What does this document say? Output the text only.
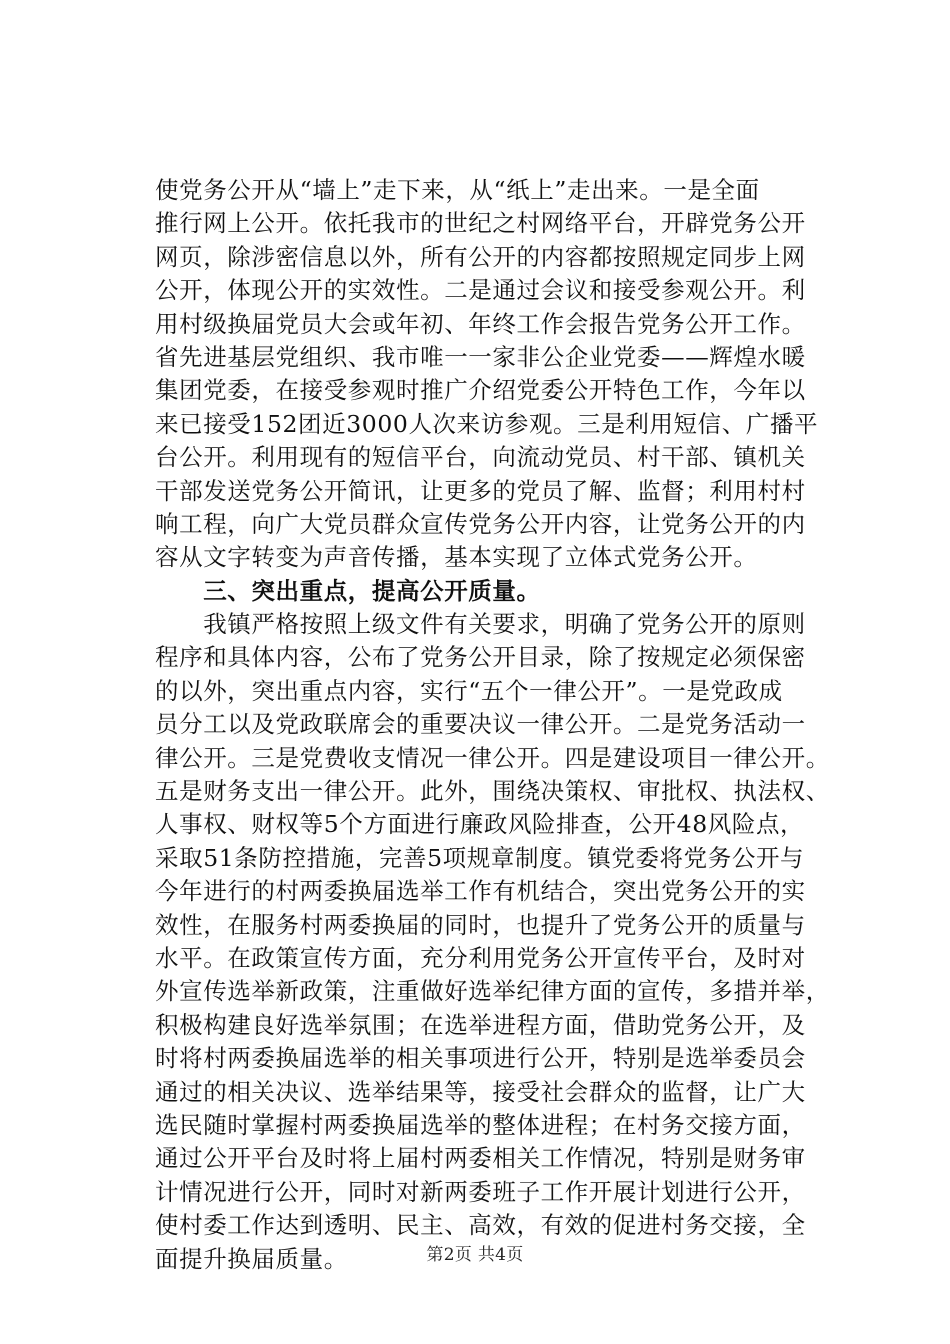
使党务公开从“墙上”走下来，从“纸上”走出来。一是全面
推行网上公开。依托我市的世纪之村网络平台，开辟党务公开
网页，除涉密信息以外，所有公开的内容都按照规定同步上网
公开，体现公开的实效性。二是通过会议和接受参观公开。利
用村级换届党员大会或年初、年终工作会报告党务公开工作。
省先进基层党组织、我市唯一一家非公企业党委——辉煌水暖
集团党委，在接受参观时推广介绍党委公开特色工作，今年以
来已接受152团近3000人次来访参观。三是利用短信、广播平
台公开。利用现有的短信平台，向流动党员、村干部、镇机关
干部发送党务公开简讯，让更多的党员了解、监督；利用村村
响工程，向广大党员群众宣传党务公开内容，让党务公开的内
容从文字转变为声音传播，基本实现了立体式党务公开。
　　三、突出重点，提高公开质量。
　　我镇严格按照上级文件有关要求，明确了党务公开的原则
程序和具体内容，公布了党务公开目录，除了按规定必须保密
的以外，突出重点内容，实行“五个一律公开”。一是党政成
员分工以及党政联席会的重要决议一律公开。二是党务活动一
律公开。三是党费收支情况一律公开。四是建设项目一律公开。
五是财务支出一律公开。此外，围绕决策权、审批权、执法权、
人事权、财权等5个方面进行廉政风险排查，公开48风险点，
采取51条防控措施，完善5项规章制度。镇党委将党务公开与
今年进行的村两委换届选举工作有机结合，突出党务公开的实
效性，在服务村两委换届的同时，也提升了党务公开的质量与
水平。在政策宣传方面，充分利用党务公开宣传平台，及时对
外宣传选举新政策，注重做好选举纪律方面的宣传，多措并举，
积极构建良好选举氛围；在选举进程方面，借助党务公开，及
时将村两委换届选举的相关事项进行公开，特别是选举委员会
通过的相关决议、选举结果等，接受社会群众的监督，让广大
选民随时掌握村两委换届选举的整体进程；在村务交接方面，
通过公开平台及时将上届村两委相关工作情况，特别是财务审
计情况进行公开，同时对新两委班子工作开展计划进行公开，
使村委工作达到透明、民主、高效，有效的促进村务交接，全
面提升换届质量。	第2页 共4页
